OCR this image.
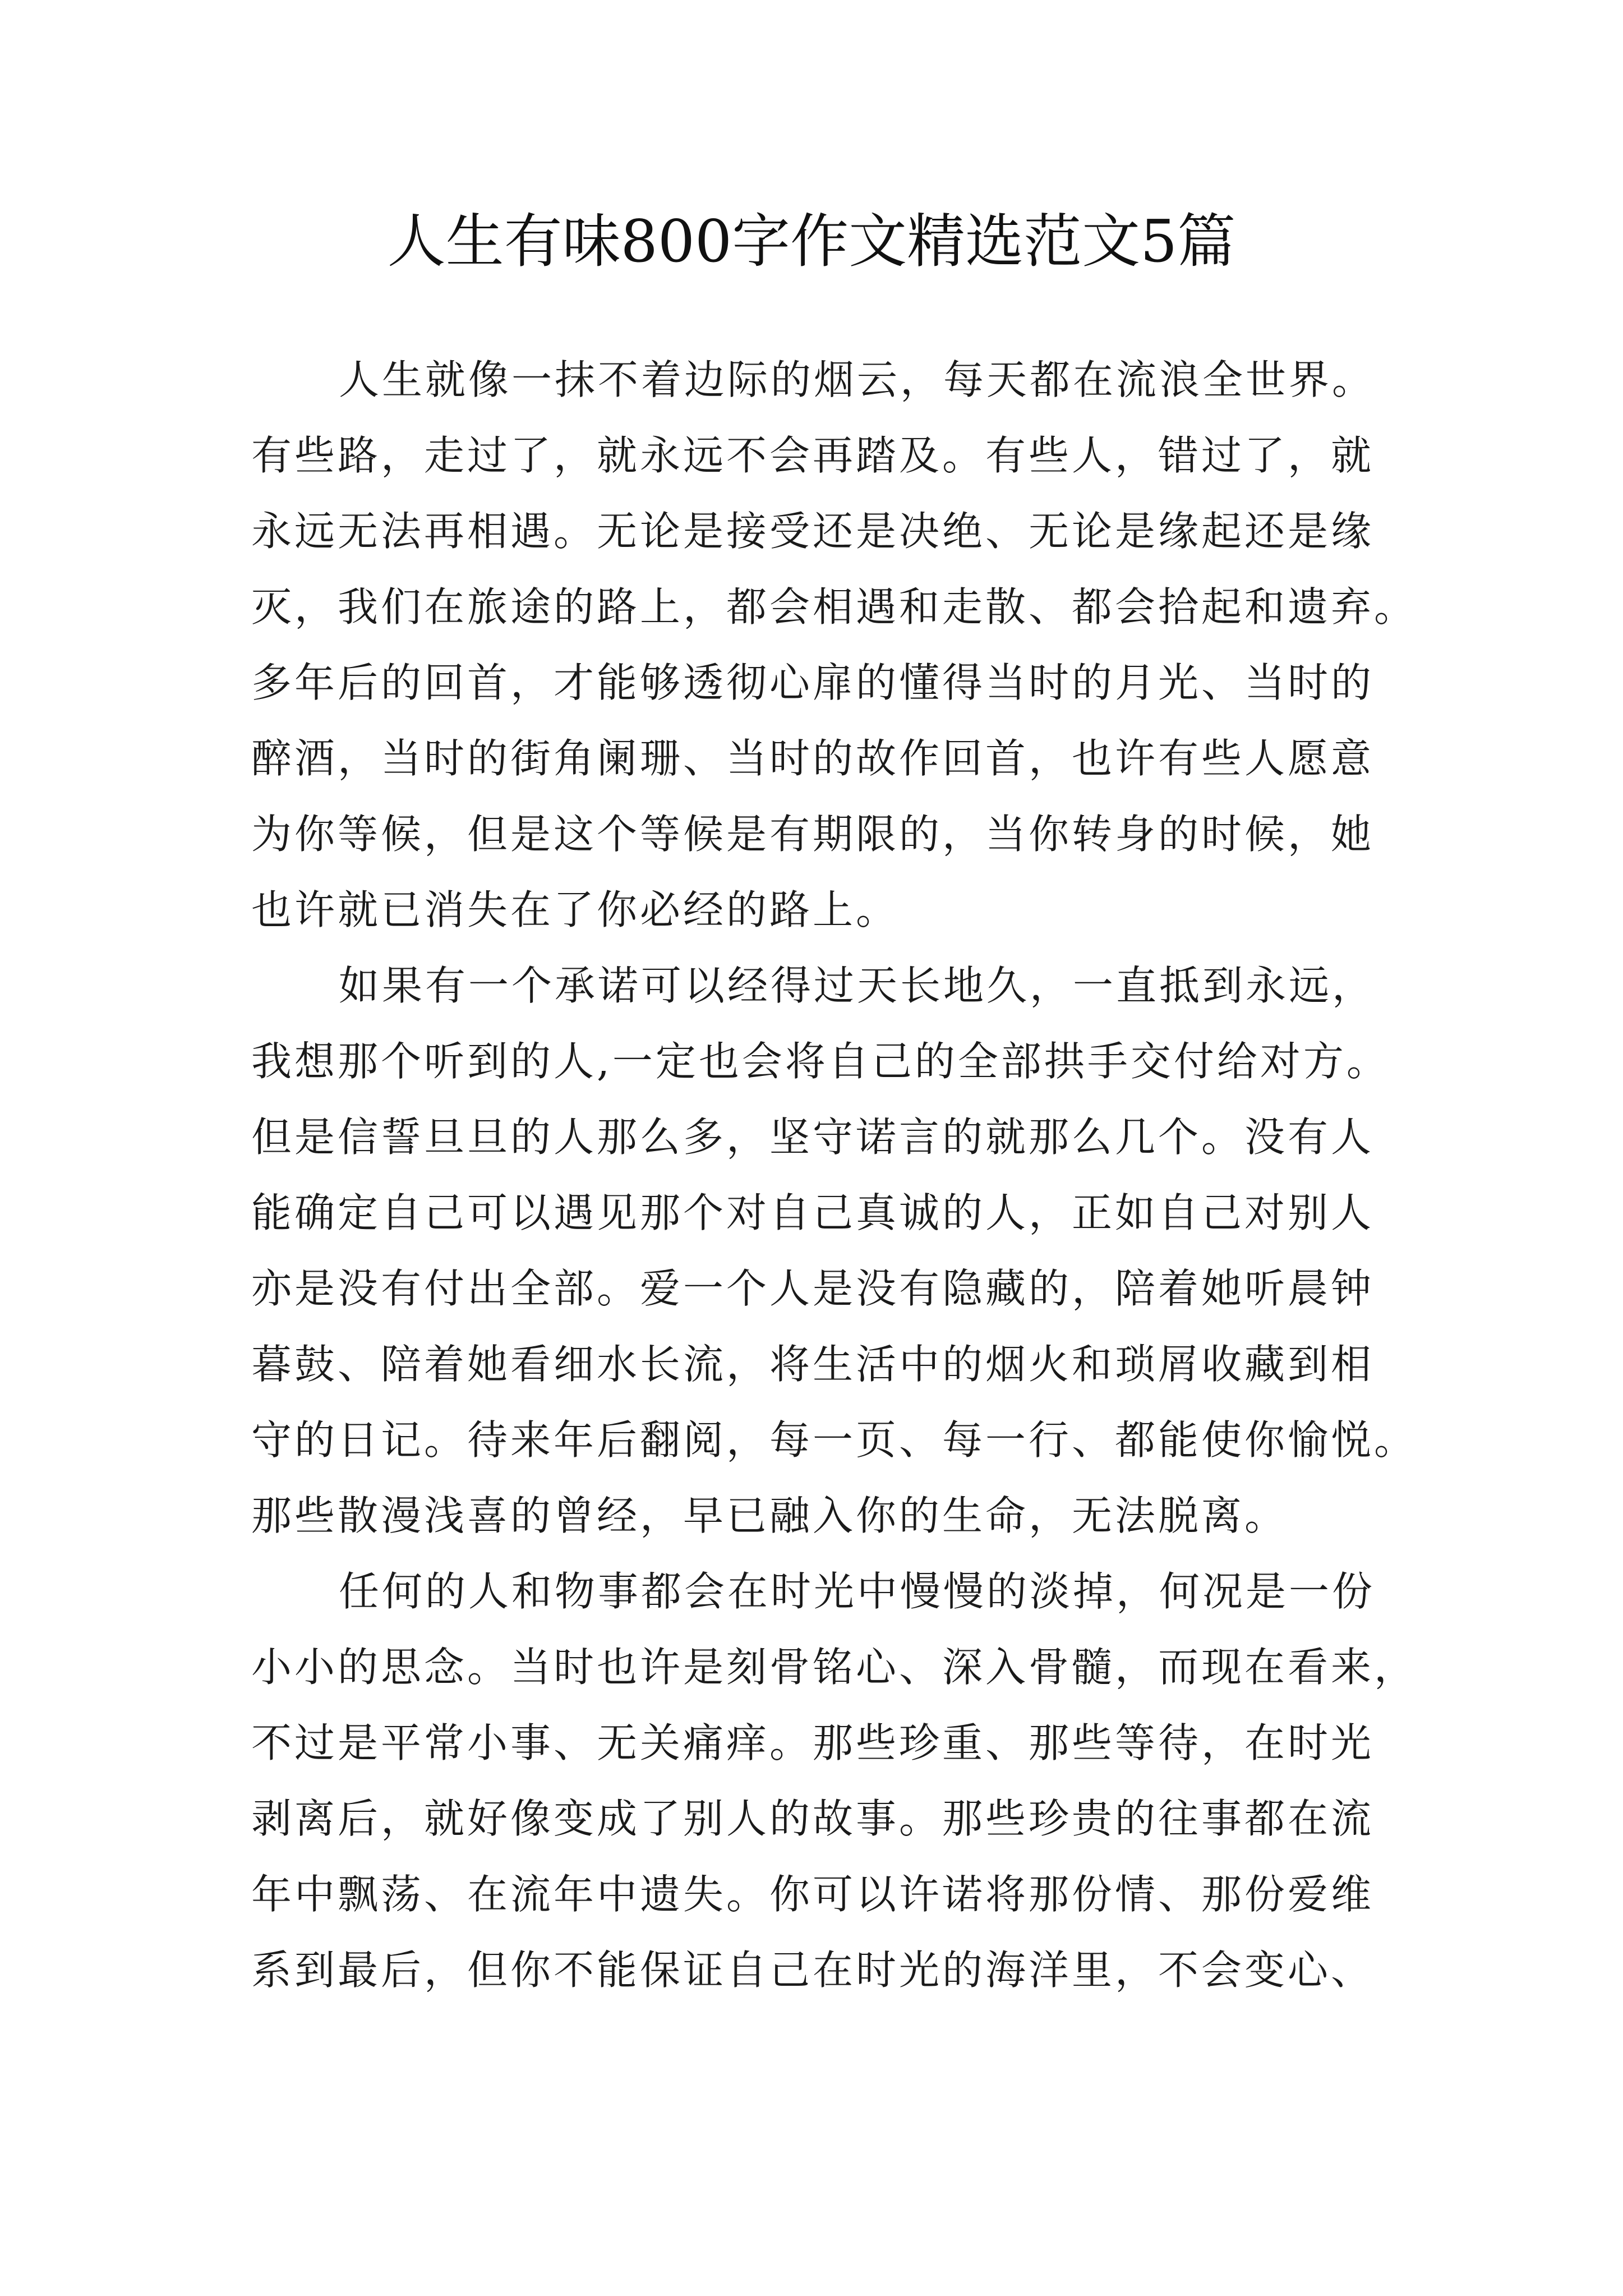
人生有味800字作文精选范文5篇
人生就像一抹不着边际的烟云，每天都在流浪全世界。
有些路，走过了，就永远不会再踏及。有些人，错过了，就
永远无法再相遇。无论是接受还是决绝、无论是缘起还是缘
灭，我们在旅途的路上，都会相遇和走散、都会拾起和遗弃。
多年后的回首，才能够透彻心扉的懂得当时的月光、当时的
醉酒，当时的街角阑珊、当时的故作回首，也许有些人愿意
为你等候，但是这个等候是有期限的，当你转身的时候，她
也许就已消失在了你必经的路上。
如果有一个承诺可以经得过天长地久，一直抵到永远，
我想那个听到的人,一定也会将自己的全部拱手交付给对方。
但是信誓旦旦的人那么多，坚守诺言的就那么几个。没有人
能确定自己可以遇见那个对自己真诚的人，正如自己对别人
亦是没有付出全部。爱一个人是没有隐藏的，陪着她听晨钟
暮鼓、陪着她看细水长流，将生活中的烟火和琐屑收藏到相
守的日记。待来年后翻阅，每一页、每一行、都能使你愉悦。
那些散漫浅喜的曾经，早已融入你的生命，无法脱离。
任何的人和物事都会在时光中慢慢的淡掉，何况是一份
小小的思念。当时也许是刻骨铭心、深入骨髓，而现在看来，
不过是平常小事、无关痛痒。那些珍重、那些等待，在时光
剥离后，就好像变成了别人的故事。那些珍贵的往事都在流
年中飘荡、在流年中遗失。你可以许诺将那份情、那份爱维
系到最后，但你不能保证自己在时光的海洋里，不会变心、
